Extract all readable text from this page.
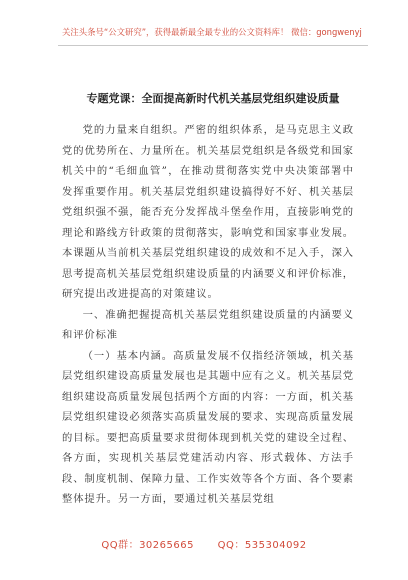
关注头条号“公文研究”，获得最新最全最专业的公文资料库！ 微信：gongwenyj
专题党课：全面提高新时代机关基层党组织建设质量

党的力量来自组织。严密的组织体系，是马克思主义政党的优势所在、力量所在。机关基层党组织是各级党和国家机关中的“毛细血管”，在推动贯彻落实党中央决策部署中发挥重要作用。机关基层党组织建设搞得好不好、机关基层党组织强不强，能否充分发挥战斗堡垒作用，直接影响党的理论和路线方针政策的贯彻落实，影响党和国家事业发展。本课题从当前机关基层党组织建设的成效和不足入手，深入思考提高机关基层党组织建设质量的内涵要义和评价标准，研究提出改进提高的对策建议。

一、准确把握提高机关基层党组织建设质量的内涵要义和评价标准

（一）基本内涵。高质量发展不仅指经济领域，机关基层党组织建设高质量发展也是其题中应有之义。机关基层党组织建设高质量发展包括两个方面的内容：一方面，机关基层党组织建设必须落实高质量发展的要求、实现高质量发展的目标。要把高质量要求贯彻体现到机关党的建设全过程、各方面，实现机关基层党建活动内容、形式载体、方法手段、制度机制、保障力量、工作实效等各个方面、各个要素整体提升。另一方面，要通过机关基层党组

QQ群：30265665 QQ：535304092
